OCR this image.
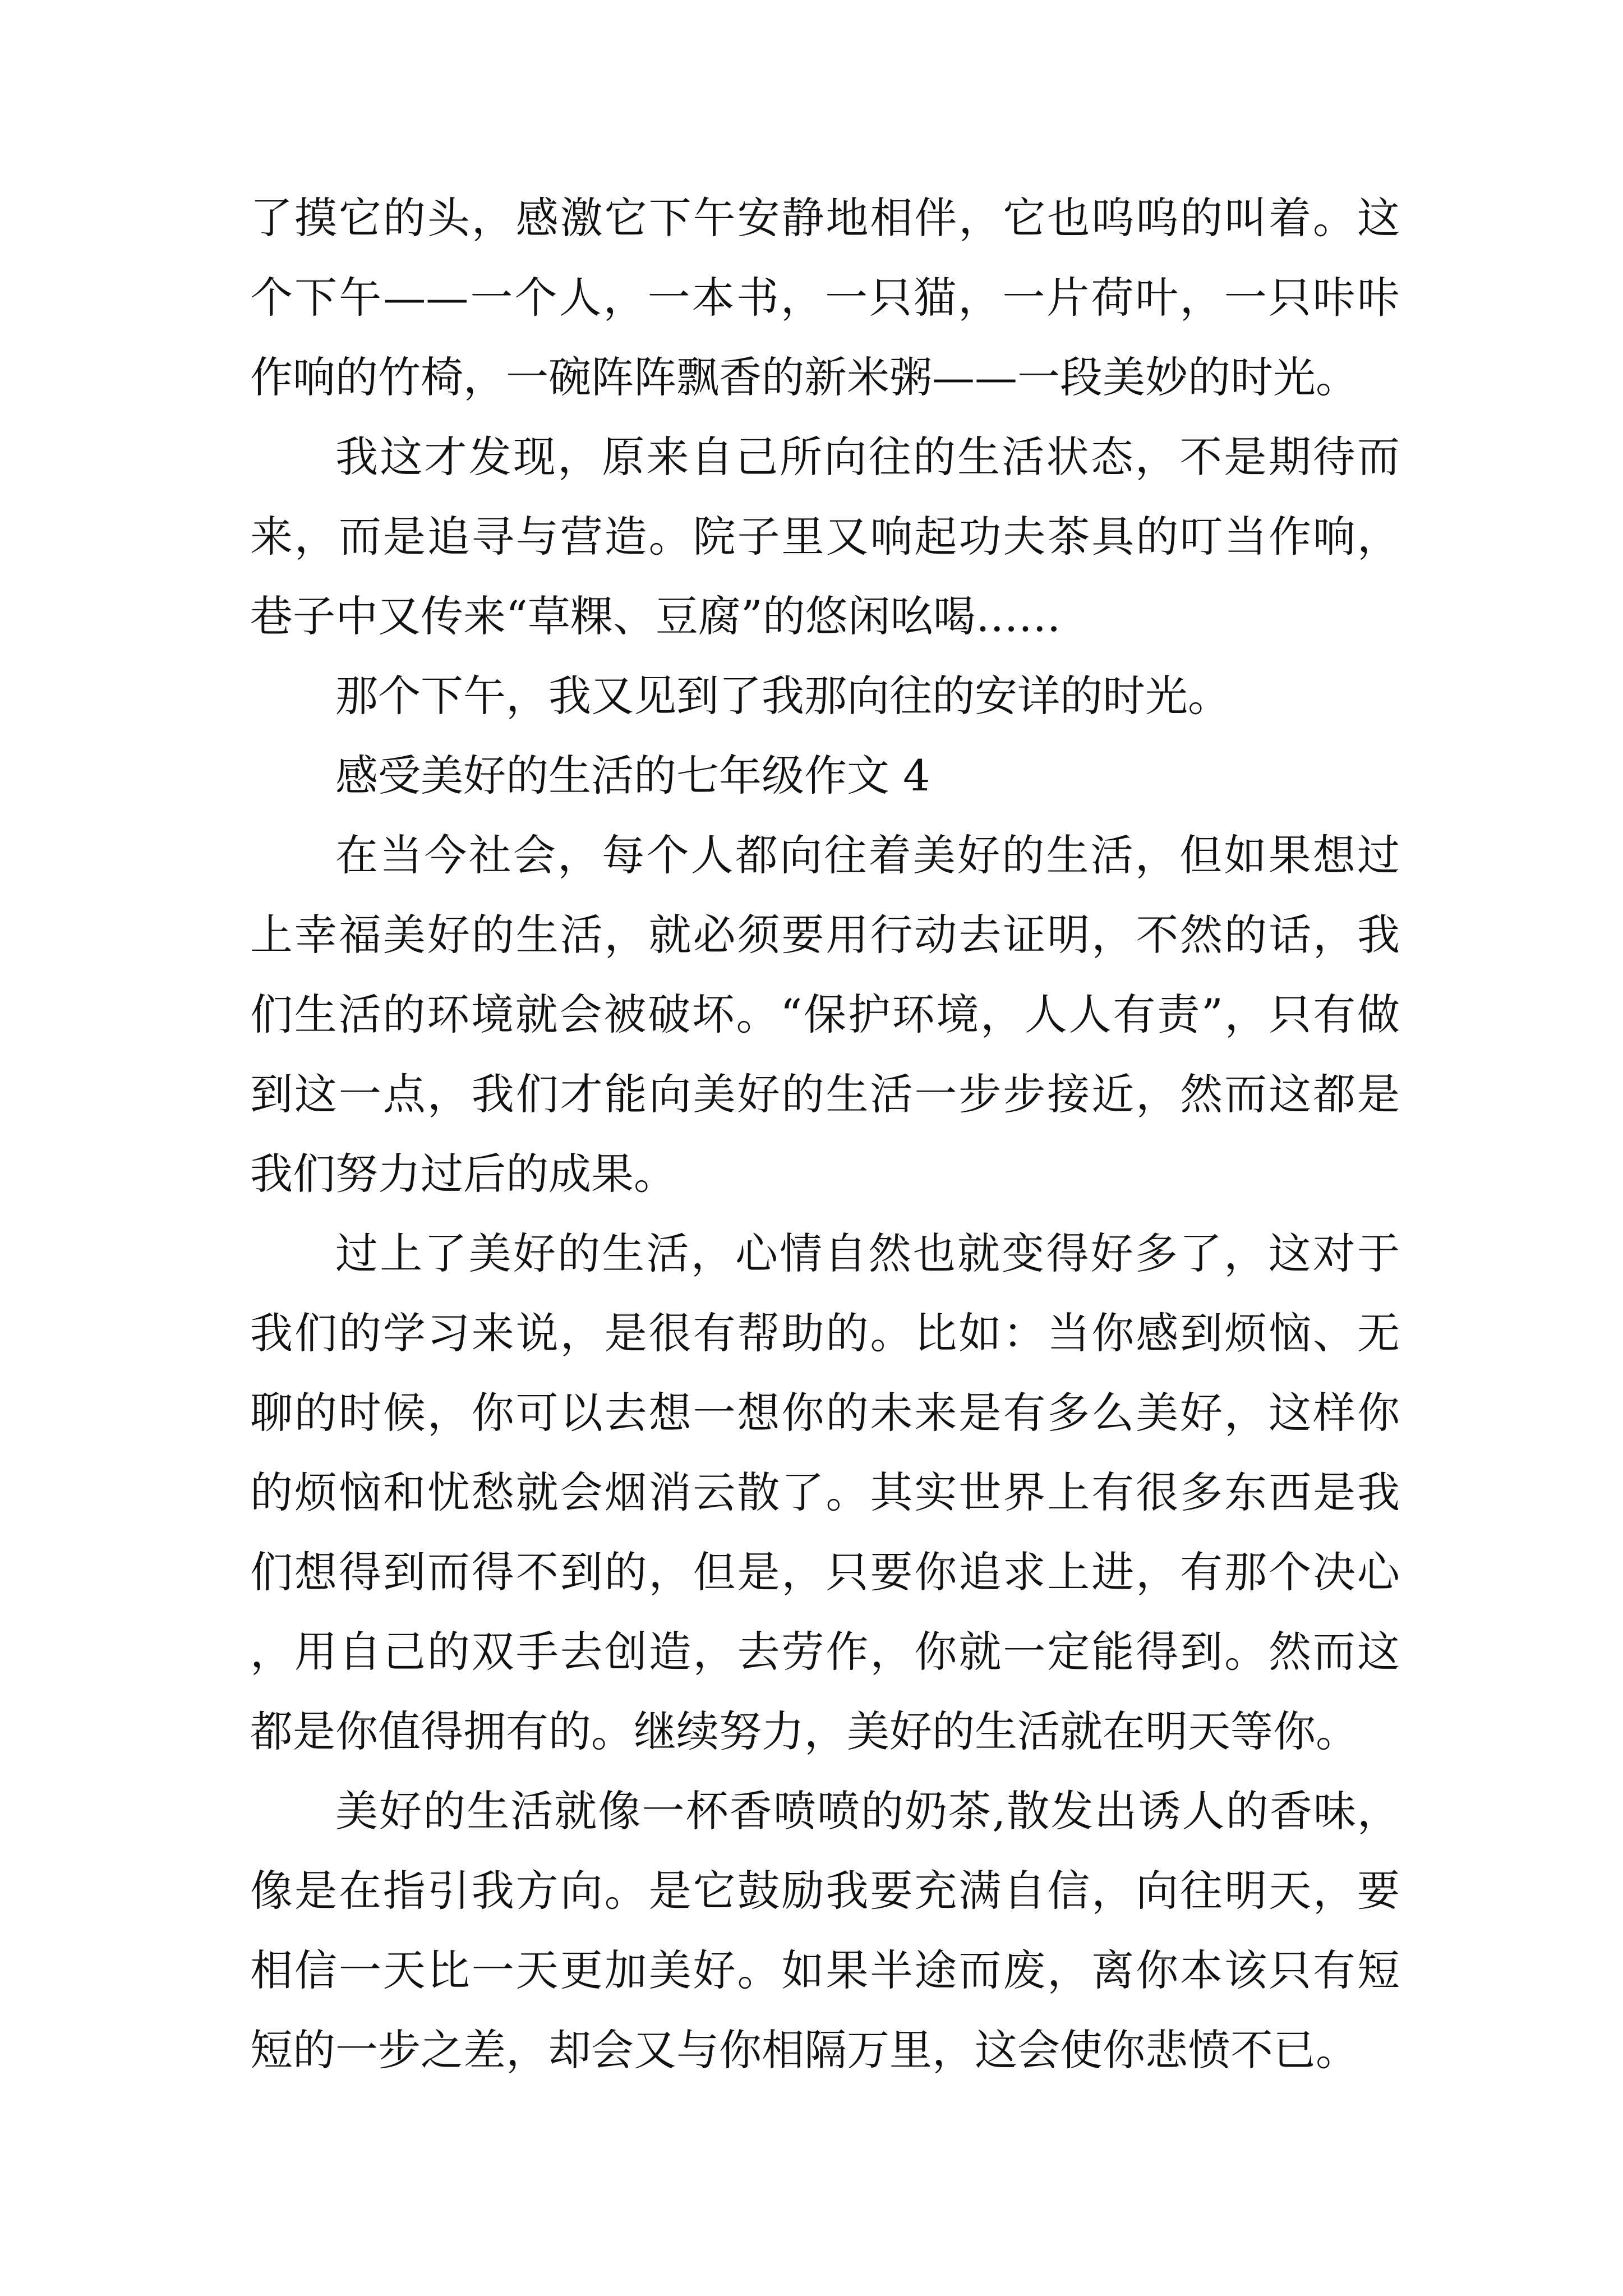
了摸它的头，感激它下午安静地相伴，它也呜呜的叫着。这个下午——一个人，一本书，一只猫，一片荷叶，一只咔咔作响的竹椅，一碗阵阵飘香的新米粥——一段美妙的时光。

我这才发现，原来自己所向往的生活状态，不是期待而来，而是追寻与营造。院子里又响起功夫茶具的叮当作响，巷子中又传来“草粿、豆腐”的悠闲吆喝……

那个下午，我又见到了我那向往的安详的时光。

感受美好的生活的七年级作文 4

在当今社会，每个人都向往着美好的生活，但如果想过上幸福美好的生活，就必须要用行动去证明，不然的话，我们生活的环境就会被破坏。“保护环境，人人有责”，只有做到这一点，我们才能向美好的生活一步步接近，然而这都是我们努力过后的成果。

过上了美好的生活，心情自然也就变得好多了，这对于我们的学习来说，是很有帮助的。比如：当你感到烦恼、无聊的时候，你可以去想一想你的未来是有多么美好，这样你的烦恼和忧愁就会烟消云散了。其实世界上有很多东西是我们想得到而得不到的，但是，只要你追求上进，有那个决心，用自己的双手去创造，去劳作，你就一定能得到。然而这都是你值得拥有的。继续努力，美好的生活就在明天等你。

美好的生活就像一杯香喷喷的奶茶,散发出诱人的香味，像是在指引我方向。是它鼓励我要充满自信，向往明天，要相信一天比一天更加美好。如果半途而废，离你本该只有短短的一步之差，却会又与你相隔万里，这会使你悲愤不已。
